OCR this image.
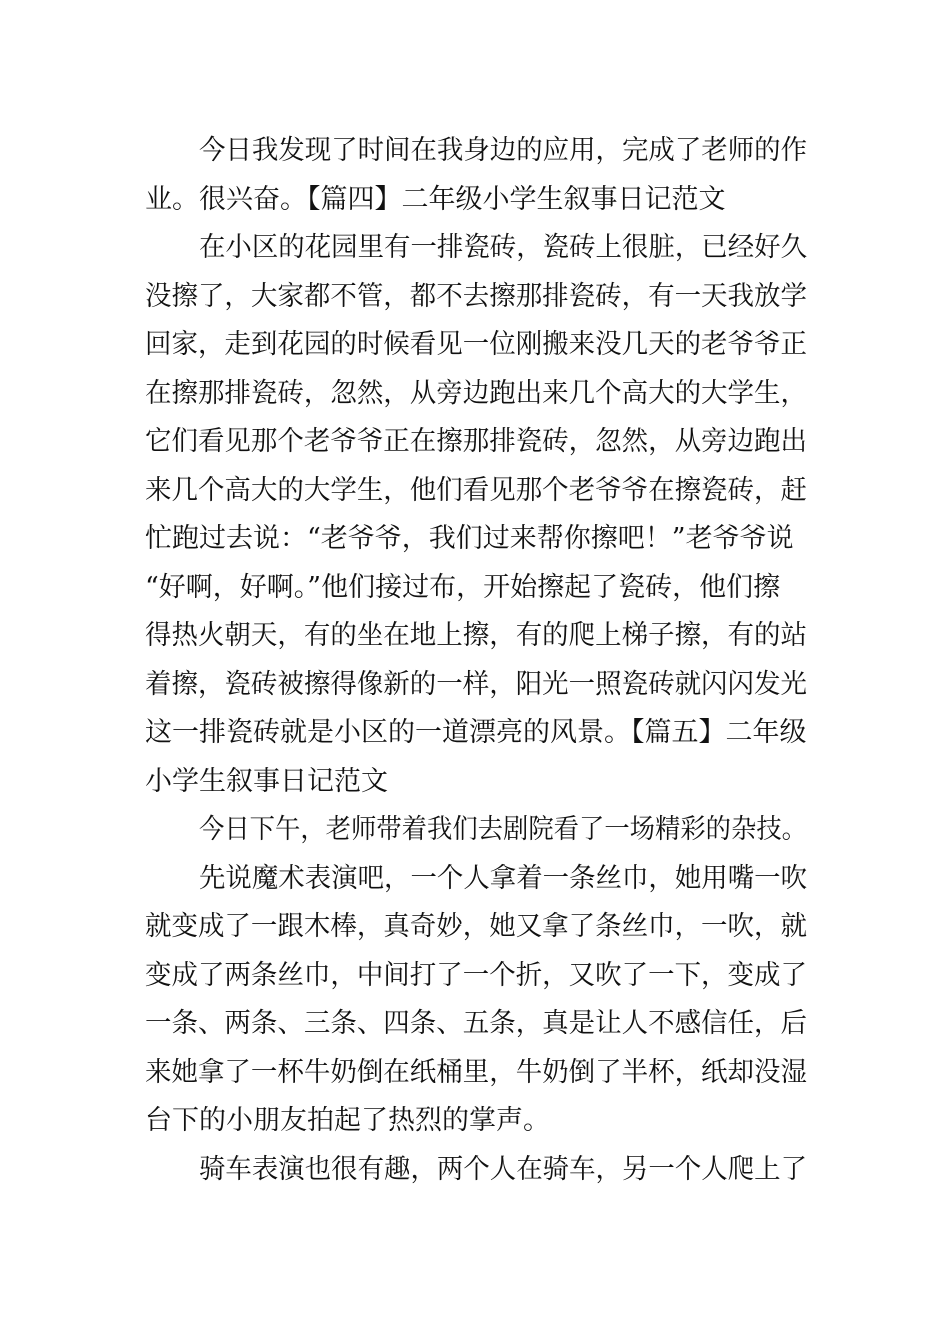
今日我发现了时间在我身边的应用，完成了老师的作
业。很兴奋。【篇四】二年级小学生叙事日记范文
在小区的花园里有一排瓷砖，瓷砖上很脏，已经好久
没擦了，大家都不管，都不去擦那排瓷砖，有一天我放学
回家，走到花园的时候看见一位刚搬来没几天的老爷爷正
在擦那排瓷砖，忽然，从旁边跑出来几个高大的大学生，
它们看见那个老爷爷正在擦那排瓷砖，忽然，从旁边跑出
来几个高大的大学生，他们看见那个老爷爷在擦瓷砖，赶
忙跑过去说：“老爷爷，我们过来帮你擦吧！”老爷爷说
“好啊，好啊。”他们接过布，开始擦起了瓷砖，他们擦
得热火朝天，有的坐在地上擦，有的爬上梯子擦，有的站
着擦，瓷砖被擦得像新的一样，阳光一照瓷砖就闪闪发光
这一排瓷砖就是小区的一道漂亮的风景。【篇五】二年级
小学生叙事日记范文
今日下午，老师带着我们去剧院看了一场精彩的杂技。
先说魔术表演吧，一个人拿着一条丝巾，她用嘴一吹
就变成了一跟木棒，真奇妙，她又拿了条丝巾，一吹，就
变成了两条丝巾，中间打了一个折，又吹了一下，变成了
一条、两条、三条、四条、五条，真是让人不感信任，后
来她拿了一杯牛奶倒在纸桶里，牛奶倒了半杯，纸却没湿
台下的小朋友拍起了热烈的掌声。
骑车表演也很有趣，两个人在骑车，另一个人爬上了
